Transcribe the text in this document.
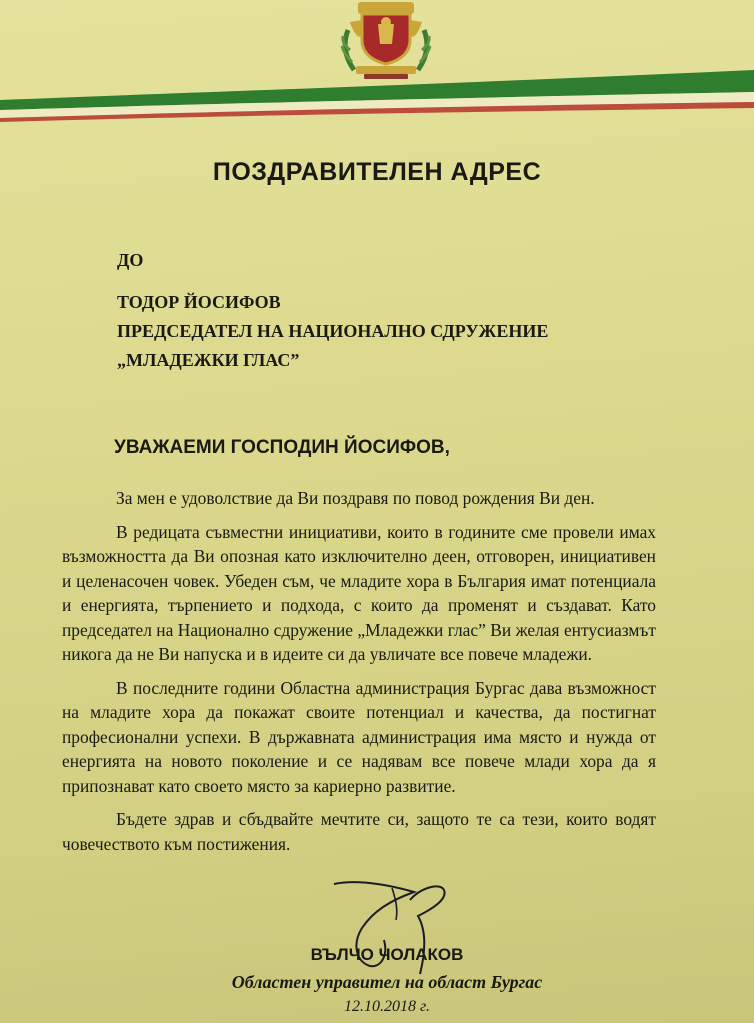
ПОЗДРАВИТЕЛЕН АДРЕС
ДО
ТОДОР ЙОСИФОВ
ПРЕДСЕДАТЕЛ НА НАЦИОНАЛНО СДРУЖЕНИЕ
„МЛАДЕЖКИ ГЛАС”
УВАЖАЕМИ ГОСПОДИН ЙОСИФОВ,

За мен е удоволствие да Ви поздравя по повод рождения Ви ден.

В редицата съвместни инициативи, които в годините сме провели имах възможността да Ви опозная като изключително деен, отговорен, инициативен и целенасочен човек. Убеден съм, че младите хора в България имат потенциала и енергията, търпението и подхода, с които да променят и създават. Като председател на Национално сдружение „Младежки глас” Ви желая ентусиазмът никога да не Ви напуска и в идеите си да увличате все повече младежи.

В последните години Областна администрация Бургас дава възможност на младите хора да покажат своите потенциал и качества, да постигнат професионални успехи. В държавната администрация има място и нужда от енергията на новото поколение и се надявам все повече млади хора да я припознават като своето място за кариерно развитие.

Бъдете здрав и сбъдвайте мечтите си, защото те са тези, които водят човечеството към постижения.

ВЪЛЧО ЧОЛАКОВ
Областен управител на област Бургас
12.10.2018 г.
